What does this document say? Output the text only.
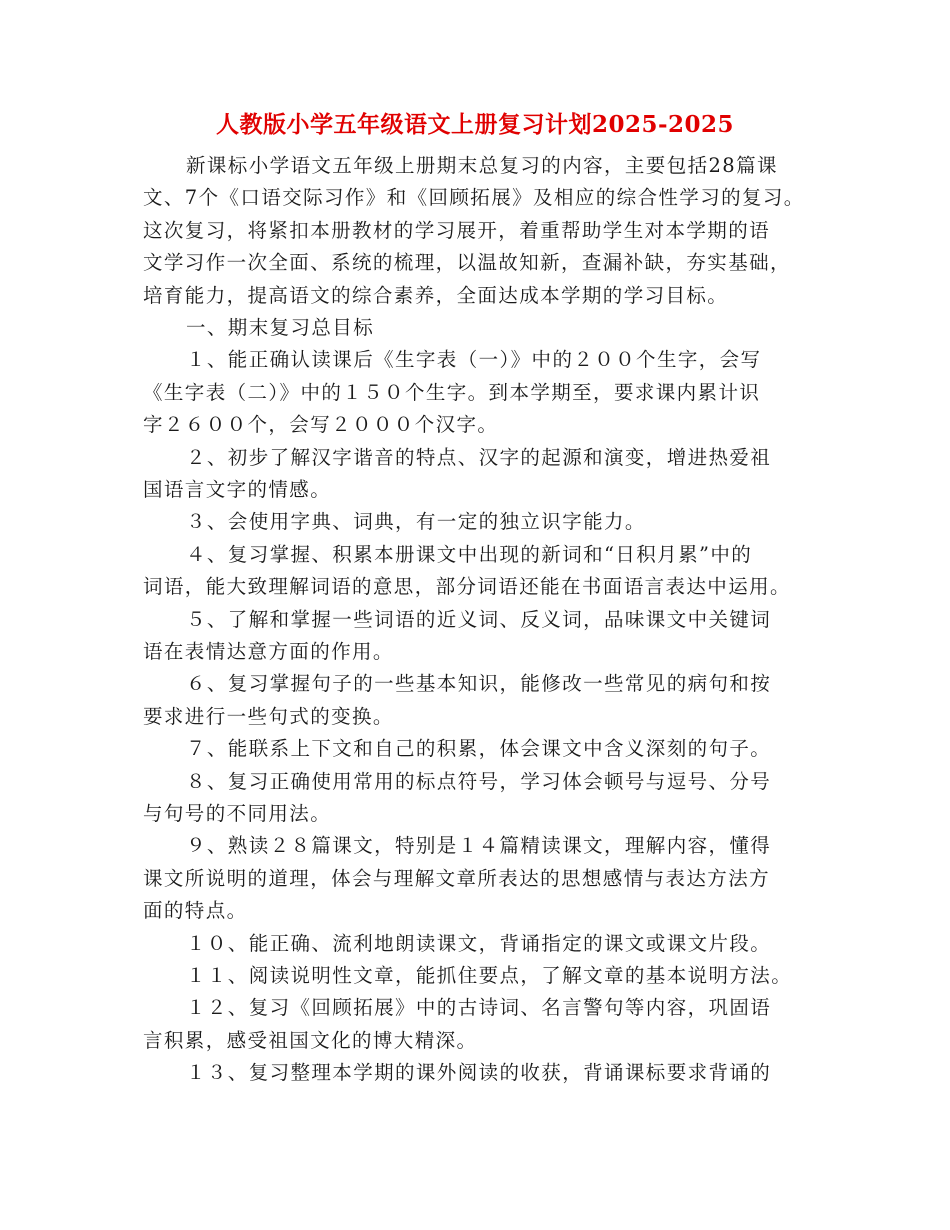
人教版小学五年级语文上册复习计划2025-2025
新课标小学语文五年级上册期末总复习的内容，主要包括28篇课
文、7个《口语交际习作》和《回顾拓展》及相应的综合性学习的复习。
这次复习，将紧扣本册教材的学习展开，着重帮助学生对本学期的语
文学习作一次全面、系统的梳理，以温故知新，查漏补缺，夯实基础，
培育能力，提高语文的综合素养，全面达成本学期的学习目标。
一、期末复习总目标
１、能正确认读课后《生字表（一）》中的２００个生字，会写
《生字表（二）》中的１５０个生字。到本学期至，要求课内累计识
字２６００个，会写２０００个汉字。
２、初步了解汉字谐音的特点、汉字的起源和演变，增进热爱祖
国语言文字的情感。
３、会使用字典、词典，有一定的独立识字能力。
４、复习掌握、积累本册课文中出现的新词和“日积月累”中的
词语，能大致理解词语的意思，部分词语还能在书面语言表达中运用。
５、了解和掌握一些词语的近义词、反义词，品味课文中关键词
语在表情达意方面的作用。
６、复习掌握句子的一些基本知识，能修改一些常见的病句和按
要求进行一些句式的变换。
７、能联系上下文和自己的积累，体会课文中含义深刻的句子。
８、复习正确使用常用的标点符号，学习体会顿号与逗号、分号
与句号的不同用法。
９、熟读２８篇课文，特别是１４篇精读课文，理解内容，懂得
课文所说明的道理，体会与理解文章所表达的思想感情与表达方法方
面的特点。
１０、能正确、流利地朗读课文，背诵指定的课文或课文片段。
１１、阅读说明性文章，能抓住要点，了解文章的基本说明方法。
１２、复习《回顾拓展》中的古诗词、名言警句等内容，巩固语
言积累，感受祖国文化的博大精深。
１３、复习整理本学期的课外阅读的收获，背诵课标要求背诵的
